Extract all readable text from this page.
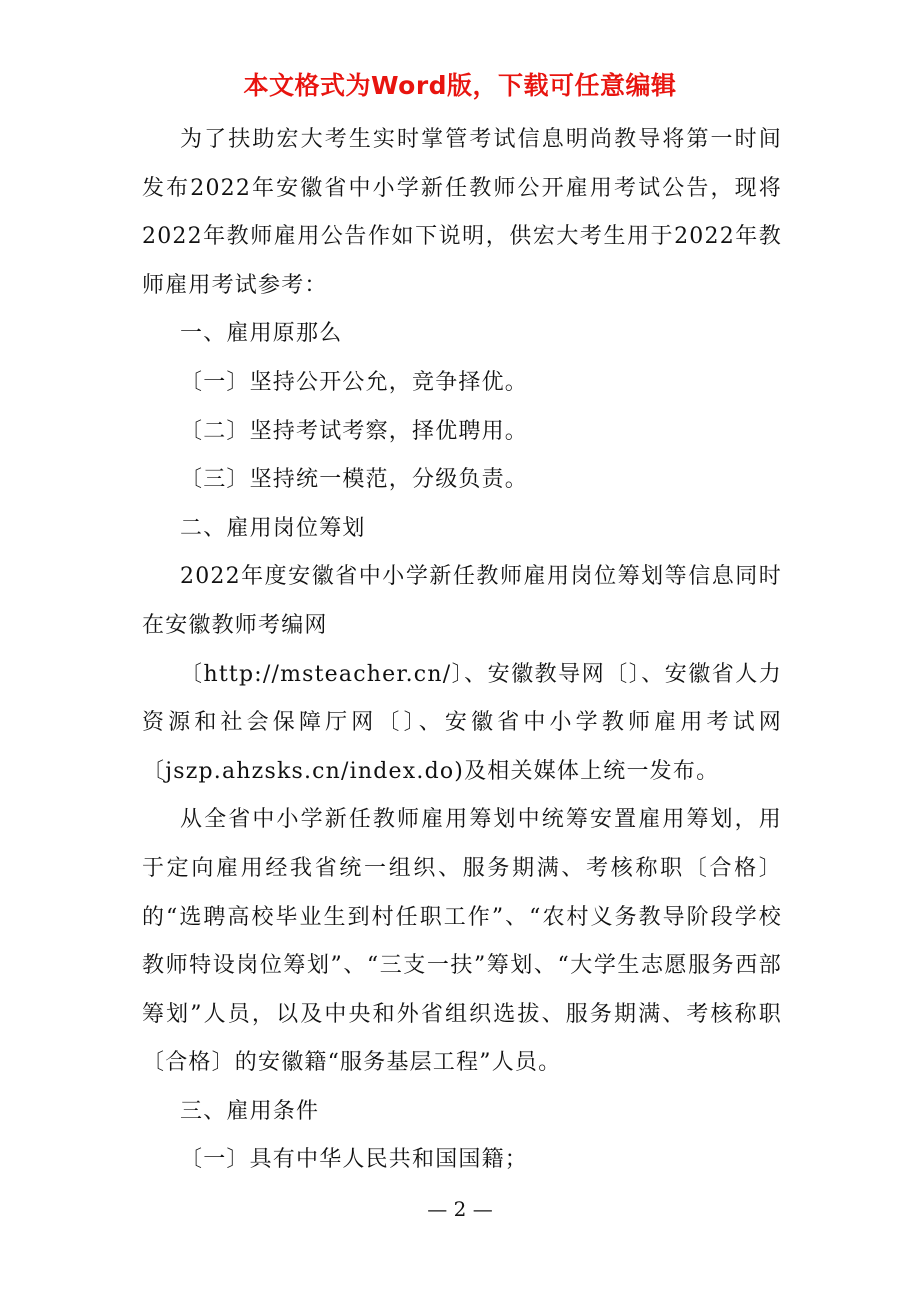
本文格式为Word版，下载可任意编辑

为了扶助宏大考生实时掌管考试信息明尚教导将第一时间发布2022年安徽省中小学新任教师公开雇用考试公告，现将2022年教师雇用公告作如下说明，供宏大考生用于2022年教师雇用考试参考：

一、雇用原那么

〔一〕坚持公开公允，竞争择优。

〔二〕坚持考试考察，择优聘用。

〔三〕坚持统一模范，分级负责。

二、雇用岗位筹划

2022年度安徽省中小学新任教师雇用岗位筹划等信息同时在安徽教师考编网

〔http://msteacher.cn/〕、安徽教导网〔〕、安徽省人力资源和社会保障厅网〔〕、安徽省中小学教师雇用考试网〔jszp.ahzsks.cn/index.do)及相关媒体上统一发布。

从全省中小学新任教师雇用筹划中统筹安置雇用筹划，用于定向雇用经我省统一组织、服务期满、考核称职〔合格〕的“选聘高校毕业生到村任职工作”、“农村义务教导阶段学校教师特设岗位筹划”、“三支一扶”筹划、“大学生志愿服务西部筹划”人员，以及中央和外省组织选拔、服务期满、考核称职〔合格〕的安徽籍“服务基层工程”人员。

三、雇用条件

〔一〕具有中华人民共和国国籍；

— 2 —
